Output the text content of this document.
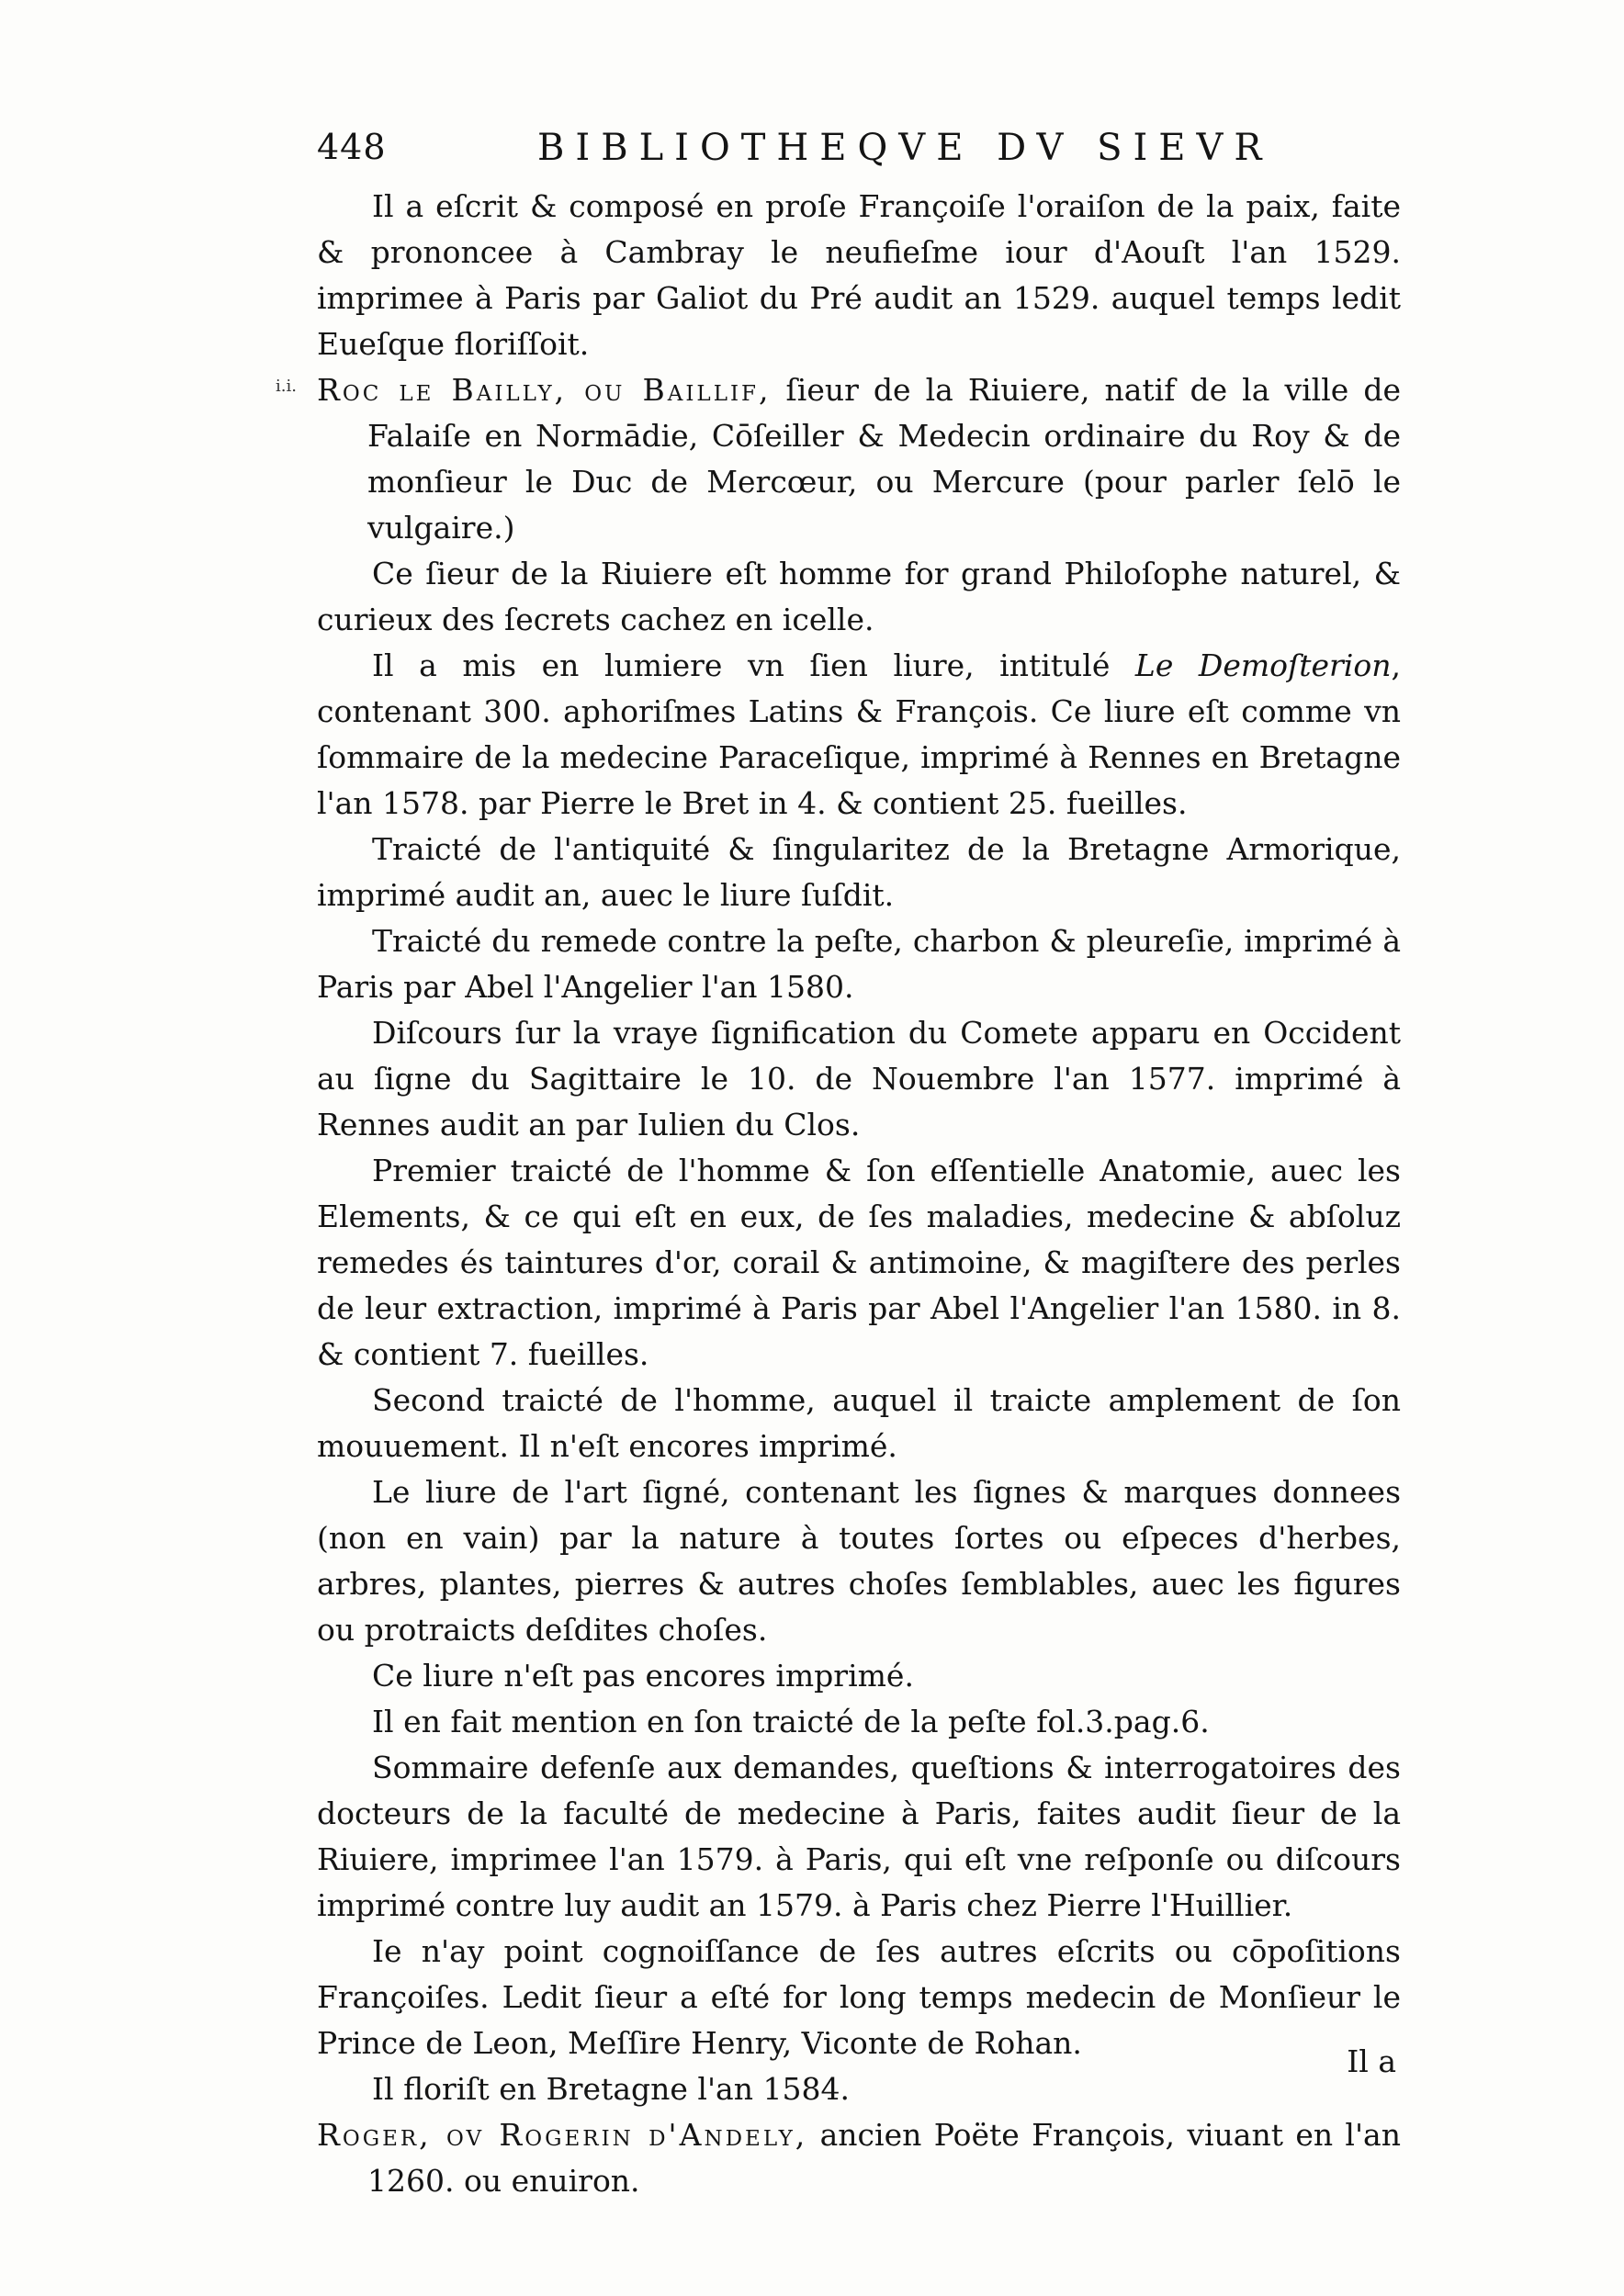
448	BIBLIOTHEQVE DV SIEVR
i.i.

Il a eſcrit & composé en proſe Françoiſe l'oraiſon de la paix, faite & prononcee à Cambray le neufieſme iour d'Aouſt l'an 1529. imprimee à Paris par Galiot du Pré audit an 1529. auquel temps ledit Eueſque floriſſoit.

Roc le Bailly, ou Baillif, ſieur de la Riuiere, natif de la ville de Falaiſe en Normādie, Cōſeiller & Medecin ordinaire du Roy & de monſieur le Duc de Mercœur, ou Mercure (pour parler ſelō le vulgaire.)

Ce ſieur de la Riuiere eſt homme for grand Philoſophe naturel, & curieux des ſecrets cachez en icelle.

Il a mis en lumiere vn ſien liure, intitulé Le Demoſterion, contenant 300. aphoriſmes Latins & François. Ce liure eſt comme vn ſommaire de la medecine Paraceſique, imprimé à Rennes en Bretagne l'an 1578. par Pierre le Bret in 4. & contient 25. fueilles.

Traicté de l'antiquité & ſingularitez de la Bretagne Armorique, imprimé audit an, auec le liure ſuſdit.

Traicté du remede contre la peſte, charbon & pleureſie, imprimé à Paris par Abel l'Angelier l'an 1580.

Diſcours ſur la vraye ſignification du Comete apparu en Occident au ſigne du Sagittaire le 10. de Nouembre l'an 1577. imprimé à Rennes audit an par Iulien du Clos.

Premier traicté de l'homme & ſon eſſentielle Anatomie, auec les Elements, & ce qui eſt en eux, de ſes maladies, medecine & abſoluz remedes és taintures d'or, corail & antimoine, & magiſtere des perles de leur extraction, imprimé à Paris par Abel l'Angelier l'an 1580. in 8. & contient 7. fueilles.

Second traicté de l'homme, auquel il traicte amplement de ſon mouuement. Il n'eſt encores imprimé.

Le liure de l'art ſigné, contenant les ſignes & marques donnees (non en vain) par la nature à toutes ſortes ou eſpeces d'herbes, arbres, plantes, pierres & autres choſes ſemblables, auec les figures ou protraicts deſdites choſes.

Ce liure n'eſt pas encores imprimé.

Il en fait mention en ſon traicté de la peſte fol.3.pag.6.

Sommaire defenſe aux demandes, queſtions & interrogatoires des docteurs de la faculté de medecine à Paris, faites audit ſieur de la Riuiere, imprimee l'an 1579. à Paris, qui eſt vne reſponſe ou diſcours imprimé contre luy audit an 1579. à Paris chez Pierre l'Huillier.

Ie n'ay point cognoiſſance de ſes autres eſcrits ou cōpoſitions Françoiſes. Ledit ſieur a eſté for long temps medecin de Monſieur le Prince de Leon, Meſſire Henry, Viconte de Rohan.

Il floriſt en Bretagne l'an 1584.

Roger, ov Rogerin d'Andely, ancien Poëte François, viuant en l'an 1260. ou enuiron.

Il a
